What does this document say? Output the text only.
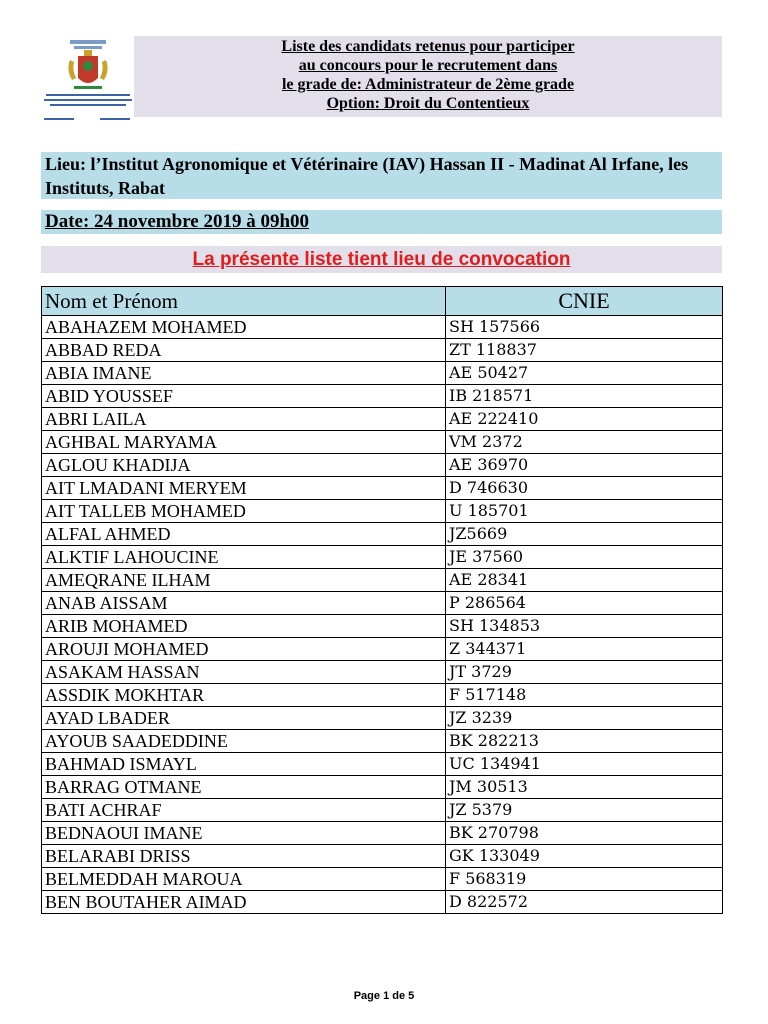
Liste des candidats retenus pour participer
au concours pour le recrutement dans
le grade de: Administrateur de 2ème grade
Option: Droit du Contentieux
Lieu: l’Institut Agronomique et Vétérinaire (IAV) Hassan II - Madinat Al Irfane, les Instituts, Rabat
Date: 24 novembre 2019 à 09h00
La présente liste tient lieu de convocation
Nom et Prénom	CNIE
ABAHAZEM MOHAMED	SH 157566
ABBAD REDA	ZT 118837
ABIA IMANE	AE 50427
ABID YOUSSEF	IB 218571
ABRI LAILA	AE 222410
AGHBAL MARYAMA	VM 2372
AGLOU KHADIJA	AE 36970
AIT LMADANI MERYEM	D 746630
AIT TALLEB MOHAMED	U 185701
ALFAL AHMED	JZ5669
ALKTIF LAHOUCINE	JE 37560
AMEQRANE ILHAM	AE 28341
ANAB AISSAM	P 286564
ARIB MOHAMED	SH 134853
AROUJI MOHAMED	Z 344371
ASAKAM HASSAN	JT 3729
ASSDIK MOKHTAR	F 517148
AYAD LBADER	JZ 3239
AYOUB SAADEDDINE	BK 282213
BAHMAD ISMAYL	UC 134941
BARRAG OTMANE	JM 30513
BATI ACHRAF	JZ 5379
BEDNAOUI IMANE	BK 270798
BELARABI DRISS	GK 133049
BELMEDDAH MAROUA	F 568319
BEN BOUTAHER AIMAD	D 822572
Page 1 de 5
